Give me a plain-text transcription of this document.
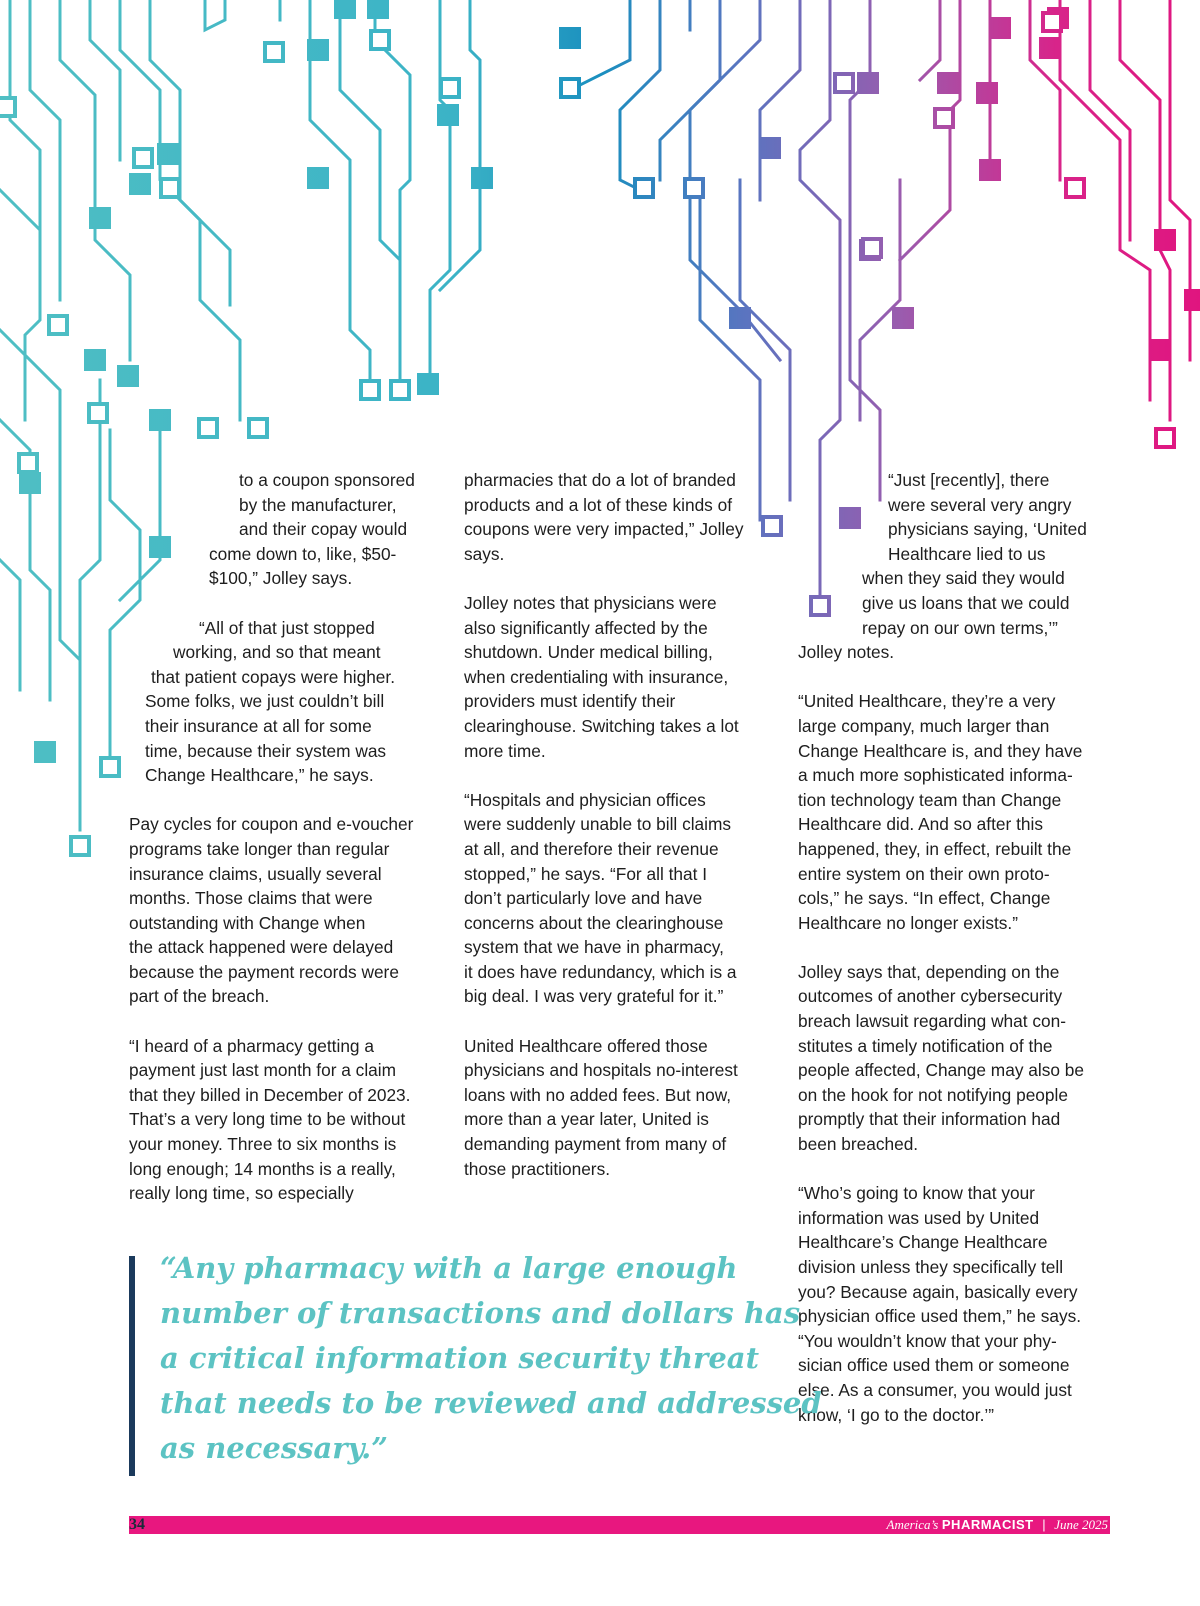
to a coupon sponsored
by the manufacturer,
and their copay would
come down to, like, $50-
$100,” Jolley says.

“All of that just stopped
working, and so that meant
that patient copays were higher.
Some folks, we just couldn’t bill
their insurance at all for some
time, because their system was
Change Healthcare,” he says.

Pay cycles for coupon and e-voucher
programs take longer than regular
insurance claims, usually several
months. Those claims that were
outstanding with Change when
the attack happened were delayed
because the payment records were
part of the breach.

“I heard of a pharmacy getting a
payment just last month for a claim
that they billed in December of 2023.
That’s a very long time to be without
your money. Three to six months is
long enough; 14 months is a really,
really long time, so especially

pharmacies that do a lot of branded
products and a lot of these kinds of
coupons were very impacted,” Jolley
says.

Jolley notes that physicians were
also significantly affected by the
shutdown. Under medical billing,
when credentialing with insurance,
providers must identify their
clearinghouse. Switching takes a lot
more time.

“Hospitals and physician offices
were suddenly unable to bill claims
at all, and therefore their revenue
stopped,” he says. “For all that I
don’t particularly love and have
concerns about the clearinghouse
system that we have in pharmacy,
it does have redundancy, which is a
big deal. I was very grateful for it.”

United Healthcare offered those
physicians and hospitals no-interest
loans with no added fees. But now,
more than a year later, United is
demanding payment from many of
those practitioners.

“Just [recently], there
were several very angry
physicians saying, ‘United
Healthcare lied to us
when they said they would
give us loans that we could
repay on our own terms,’”
Jolley notes.

“United Healthcare, they’re a very
large company, much larger than
Change Healthcare is, and they have
a much more sophisticated informa-
tion technology team than Change
Healthcare did. And so after this
happened, they, in effect, rebuilt the
entire system on their own proto-
cols,” he says. “In effect, Change
Healthcare no longer exists.”

Jolley says that, depending on the
outcomes of another cybersecurity
breach lawsuit regarding what con-
stitutes a timely notification of the
people affected, Change may also be
on the hook for not notifying people
promptly that their information had
been breached.

“Who’s going to know that your
information was used by United
Healthcare’s Change Healthcare
division unless they specifically tell
you? Because again, basically every
physician office used them,” he says.
“You wouldn’t know that your phy-
sician office used them or someone
else. As a consumer, you would just
know, ‘I go to the doctor.’”

“Any pharmacy with a large enough
number of transactions and dollars has
a critical information security threat
that needs to be reviewed and addressed
as necessary.”
34	America’s PHARMACIST | June 2025
